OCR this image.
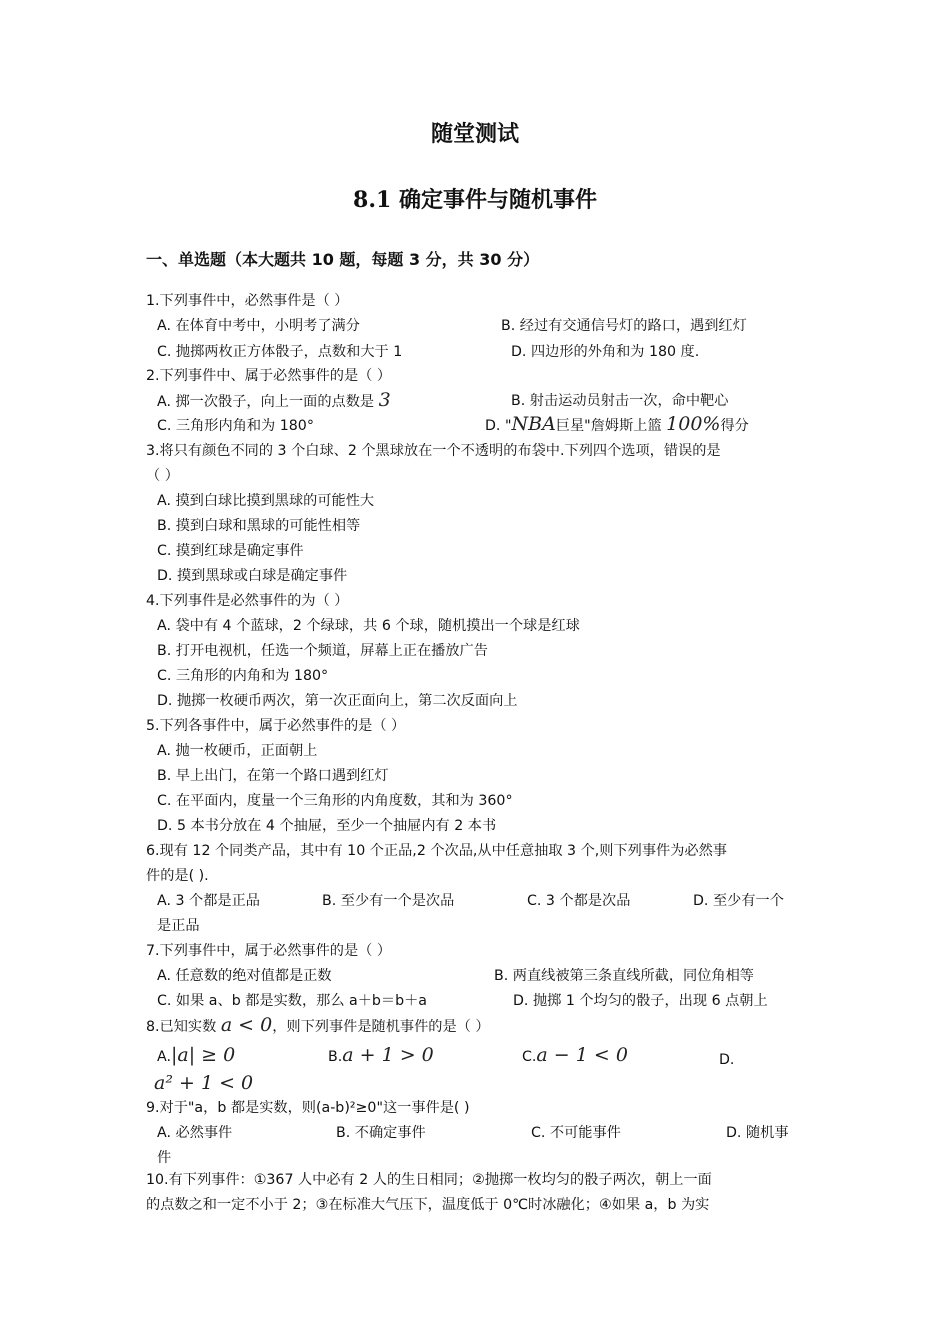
随堂测试
8.1 确定事件与随机事件
一、单选题（本大题共 10 题，每题 3 分，共 30 分）
1.下列事件中，必然事件是（ ）
A. 在体育中考中，小明考了满分	B. 经过有交通信号灯的路口，遇到红灯
C. 抛掷两枚正方体骰子，点数和大于 1	D. 四边形的外角和为 180 度.
2.下列事件中、属于必然事件的是（ ）
A. 掷一次骰子，向上一面的点数是 3	B. 射击运动员射击一次，命中靶心
C. 三角形内角和为 180°	D. "NBA巨星"詹姆斯上篮 100%得分
3.将只有颜色不同的 3 个白球、2 个黑球放在一个不透明的布袋中.下列四个选项，错误的是
（ ）
A. 摸到白球比摸到黑球的可能性大
B. 摸到白球和黑球的可能性相等
C. 摸到红球是确定事件
D. 摸到黑球或白球是确定事件
4.下列事件是必然事件的为（ ）
A. 袋中有 4 个蓝球，2 个绿球，共 6 个球，随机摸出一个球是红球
B. 打开电视机，任选一个频道，屏幕上正在播放广告
C. 三角形的内角和为 180°
D. 抛掷一枚硬币两次，第一次正面向上，第二次反面向上
5.下列各事件中，属于必然事件的是（ ）
A. 抛一枚硬币，正面朝上
B. 早上出门，在第一个路口遇到红灯
C. 在平面内，度量一个三角形的内角度数，其和为 360°
D. 5 本书分放在 4 个抽屉，至少一个抽屉内有 2 本书
6.现有 12 个同类产品，其中有 10 个正品,2 个次品,从中任意抽取 3 个,则下列事件为必然事
件的是( ).
A. 3 个都是正品	B. 至少有一个是次品	C. 3 个都是次品	D. 至少有一个
是正品
7.下列事件中，属于必然事件的是（ ）
A. 任意数的绝对值都是正数	B. 两直线被第三条直线所截，同位角相等
C. 如果 a、b 都是实数，那么 a＋b＝b＋a	D. 抛掷 1 个均匀的骰子，出现 6 点朝上
8.已知实数 a < 0，则下列事件是随机事件的是（ ）
A.|a| ≥ 0	B.a + 1 > 0	C.a − 1 < 0	D.
a² + 1 < 0
9.对于"a，b 都是实数，则(a-b)²≥0"这一事件是( )
A. 必然事件	B. 不确定事件	C. 不可能事件	D. 随机事
件
10.有下列事件：①367 人中必有 2 人的生日相同；②抛掷一枚均匀的骰子两次，朝上一面
的点数之和一定不小于 2；③在标准大气压下，温度低于 0℃时冰融化；④如果 a，b 为实
